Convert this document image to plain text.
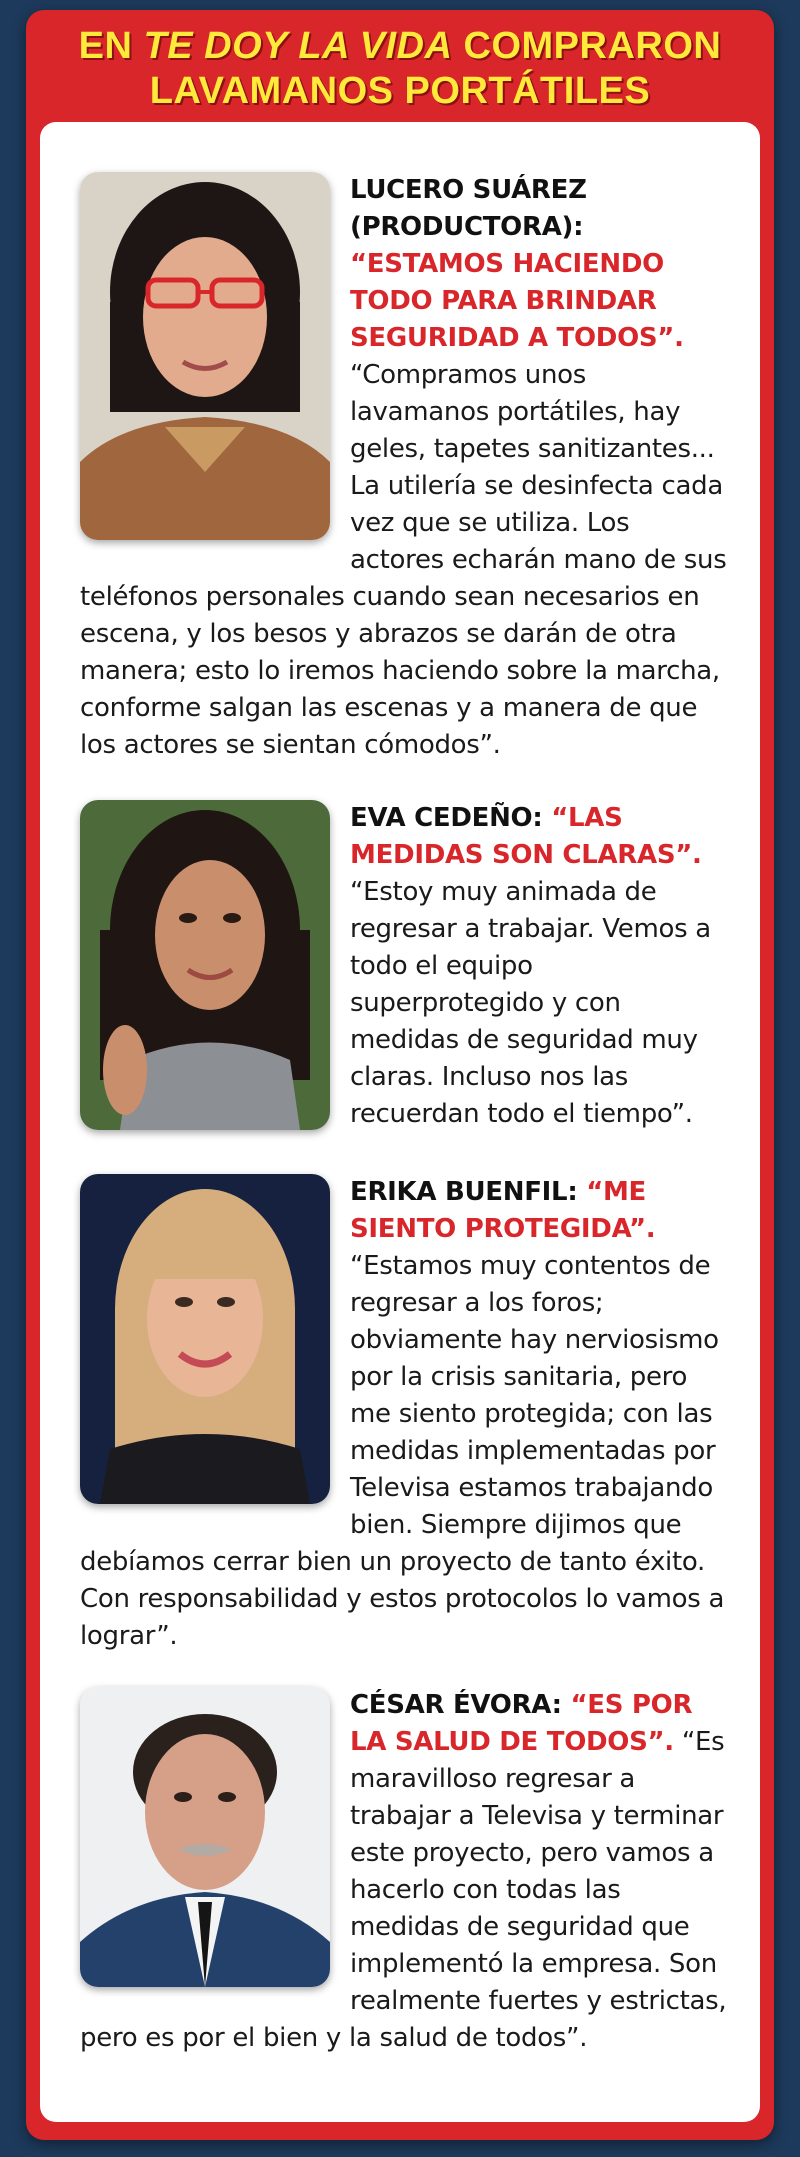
EN TE DOY LA VIDA COMPRARON LAVAMANOS PORTÁTILES
LUCERO SUÁREZ (PRODUCTORA): “ESTAMOS HACIENDO TODO PARA BRINDAR SEGURIDAD A TODOS”. “Compramos unos lavamanos portátiles, hay geles, tapetes sanitizantes... La utilería se desinfecta cada vez que se utiliza. Los actores echarán mano de sus teléfonos personales cuando sean necesarios en escena, y los besos y abrazos se darán de otra manera; esto lo iremos haciendo sobre la marcha, conforme salgan las escenas y a manera de que los actores se sientan cómodos”.
EVA CEDEÑO: “LAS MEDIDAS SON CLARAS”. “Estoy muy animada de regresar a trabajar. Vemos a todo el equipo superprotegido y con medidas de seguridad muy claras. Incluso nos las recuerdan todo el tiempo”.
ERIKA BUENFIL: “ME SIENTO PROTEGIDA”. “Estamos muy contentos de regresar a los foros; obviamente hay nerviosismo por la crisis sanitaria, pero me siento protegida; con las medidas implementadas por Televisa estamos trabajando bien. Siempre dijimos que debíamos cerrar bien un proyecto de tanto éxito. Con responsabilidad y estos protocolos lo vamos a lograr”.
CÉSAR ÉVORA: “ES POR LA SALUD DE TODOS”. “Es maravilloso regresar a trabajar a Televisa y terminar este proyecto, pero vamos a hacerlo con todas las medidas de seguridad que implementó la empresa. Son realmente fuertes y estrictas, pero es por el bien y la salud de todos”.
